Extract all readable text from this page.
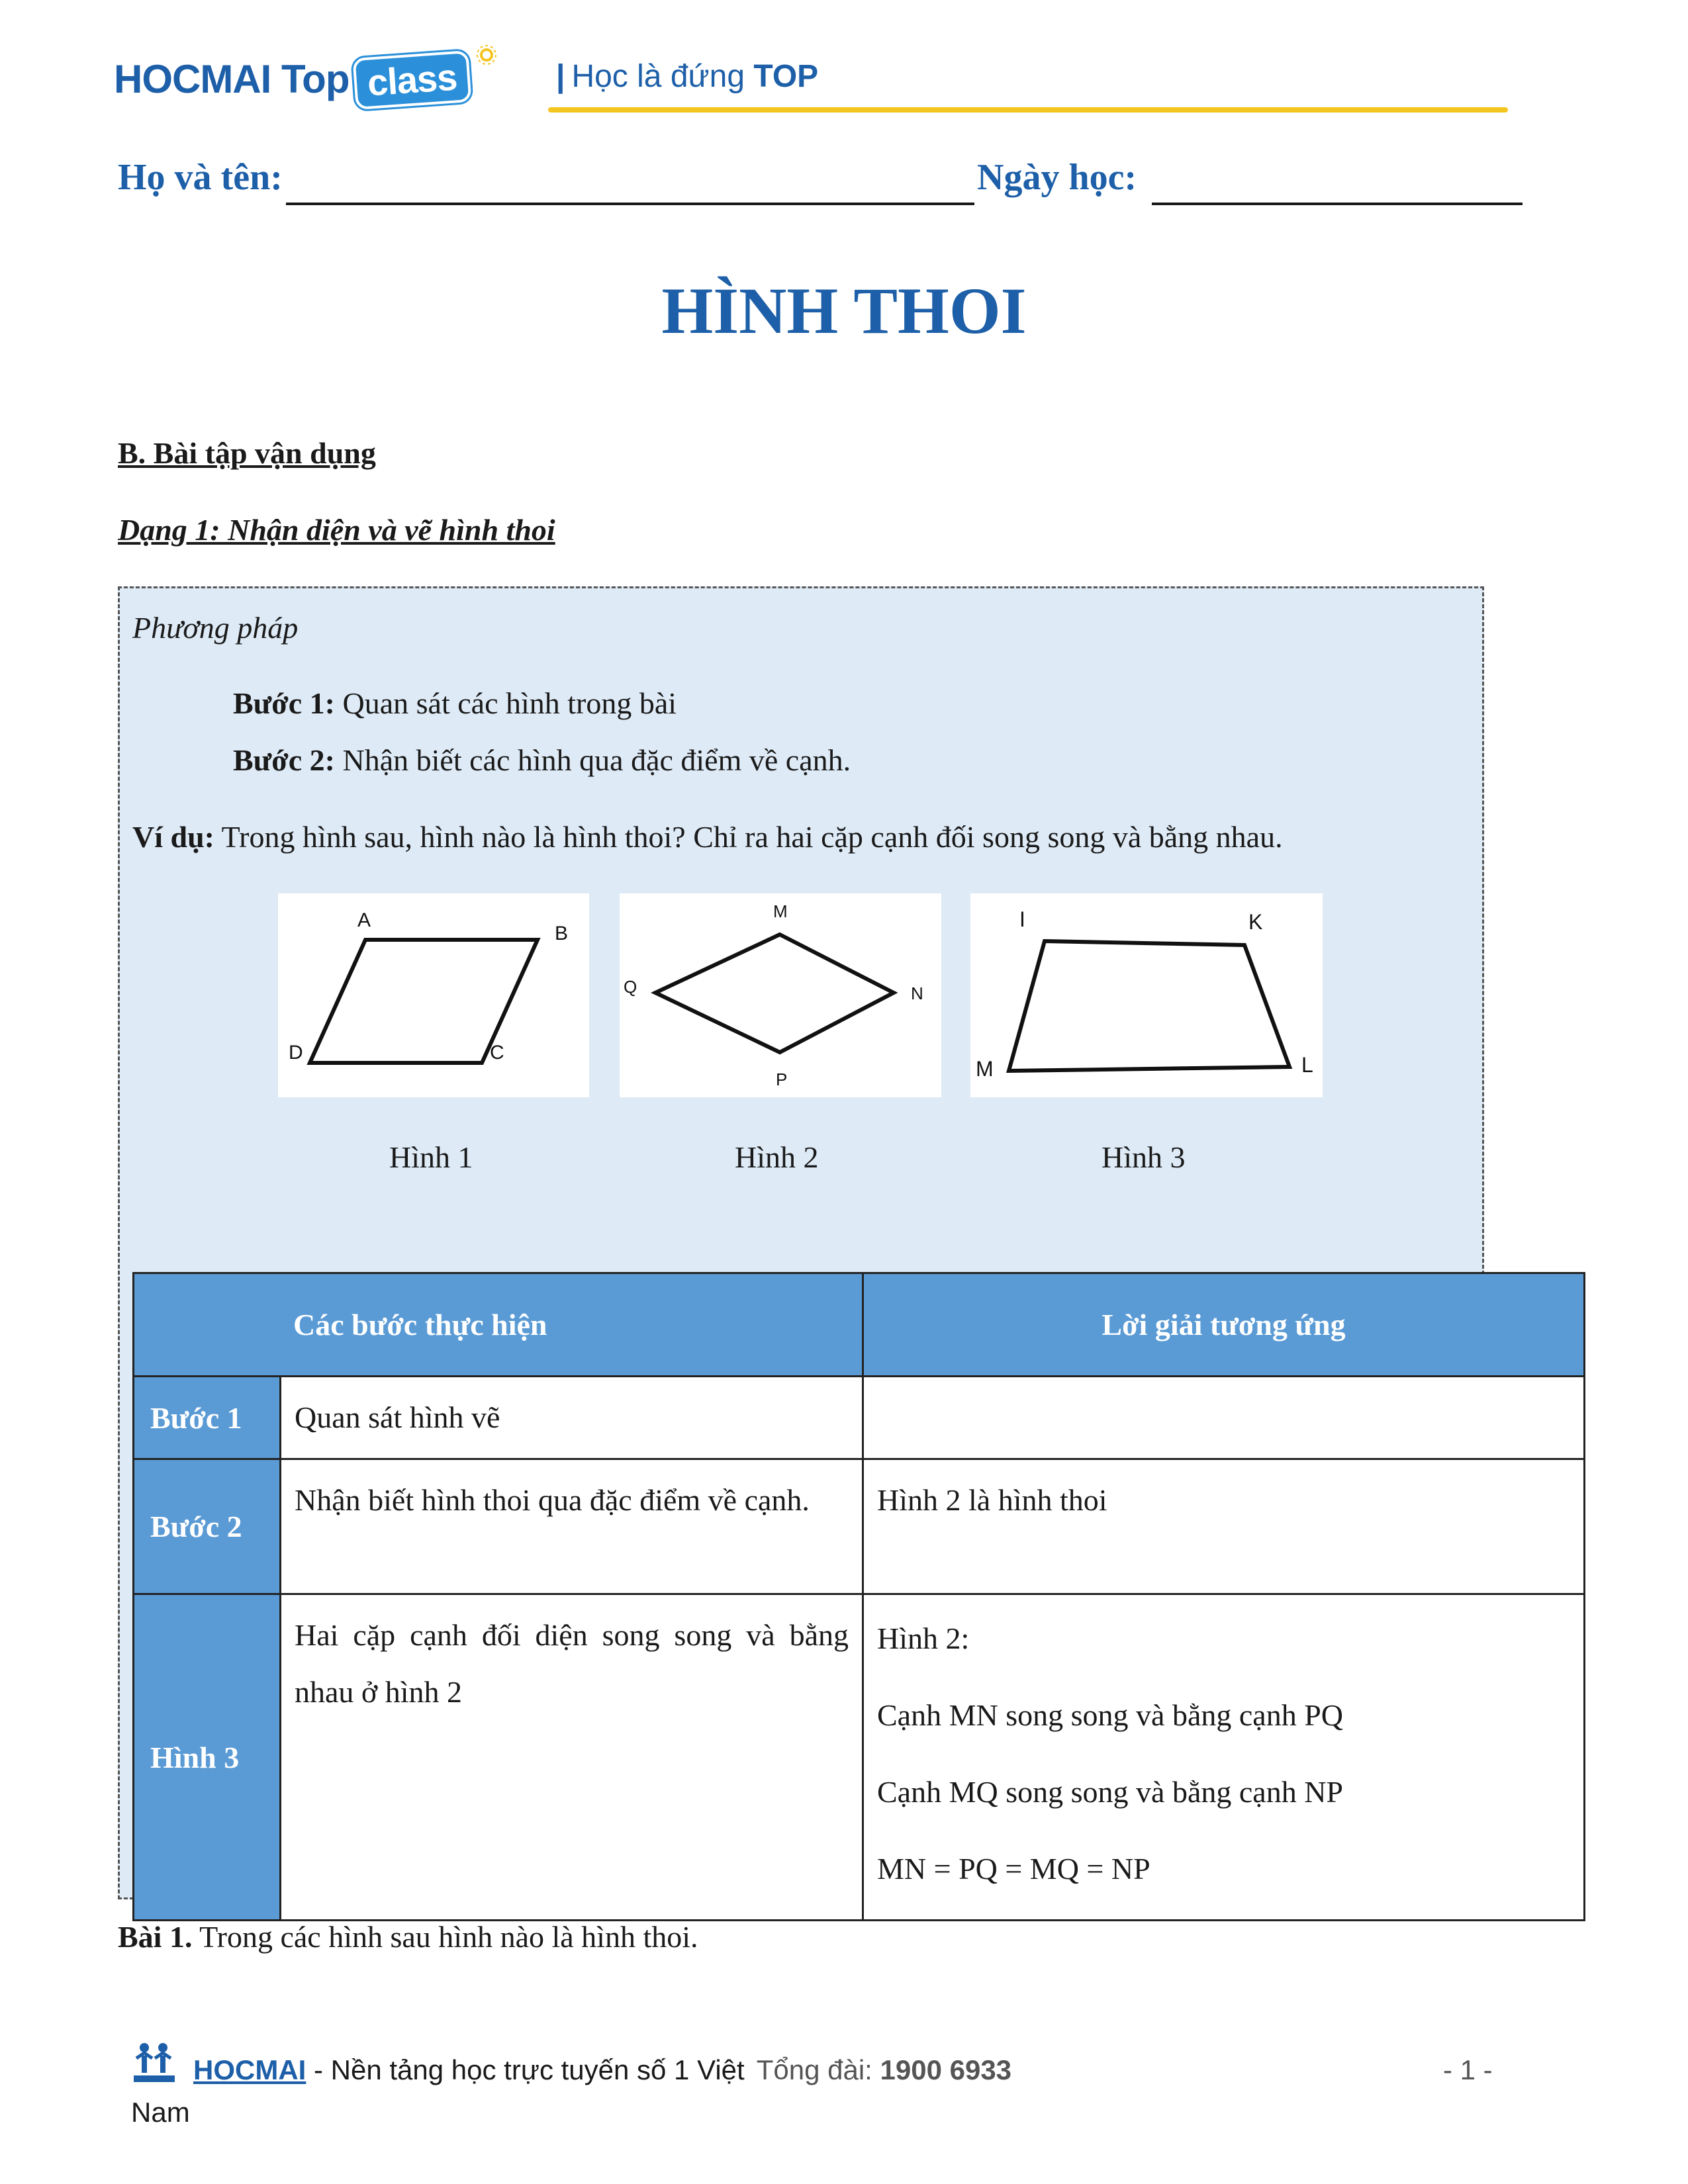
HOCMAI Top class	| Học là đứng TOP
Họ và tên:	Ngày học:
HÌNH THOI
B. Bài tập vận dụng
Dạng 1: Nhận diện và vẽ hình thoi
Phương pháp
Bước 1: Quan sát các hình trong bài
Bước 2: Nhận biết các hình qua đặc điểm về cạnh.
Ví dụ: Trong hình sau, hình nào là hình thoi? Chỉ ra hai cặp cạnh đối song song và bằng nhau.
A
B
C
D
M
N
P
Q
I	K
L
M
Hình 1	Hình 2	Hình 3
Các bước thực hiện		Lời giải tương ứng
Bước 1	Quan sát hình vẽ	
Bước 2	Nhận biết hình thoi qua đặc điểm về cạnh.	Hình 2 là hình thoi
Hình 3	Hai cặp cạnh đối diện song song và bằng nhau ở hình 2	Hình 2:
Cạnh MN song song và bằng cạnh PQ
Cạnh MQ song song và bằng cạnh NP
MN = PQ = MQ = NP
Bài 1. Trong các hình sau hình nào là hình thoi.
HOCMAI - Nền tảng học trực tuyến số 1 Việt Tổng đài: 1900 6933	- 1 -
Nam
